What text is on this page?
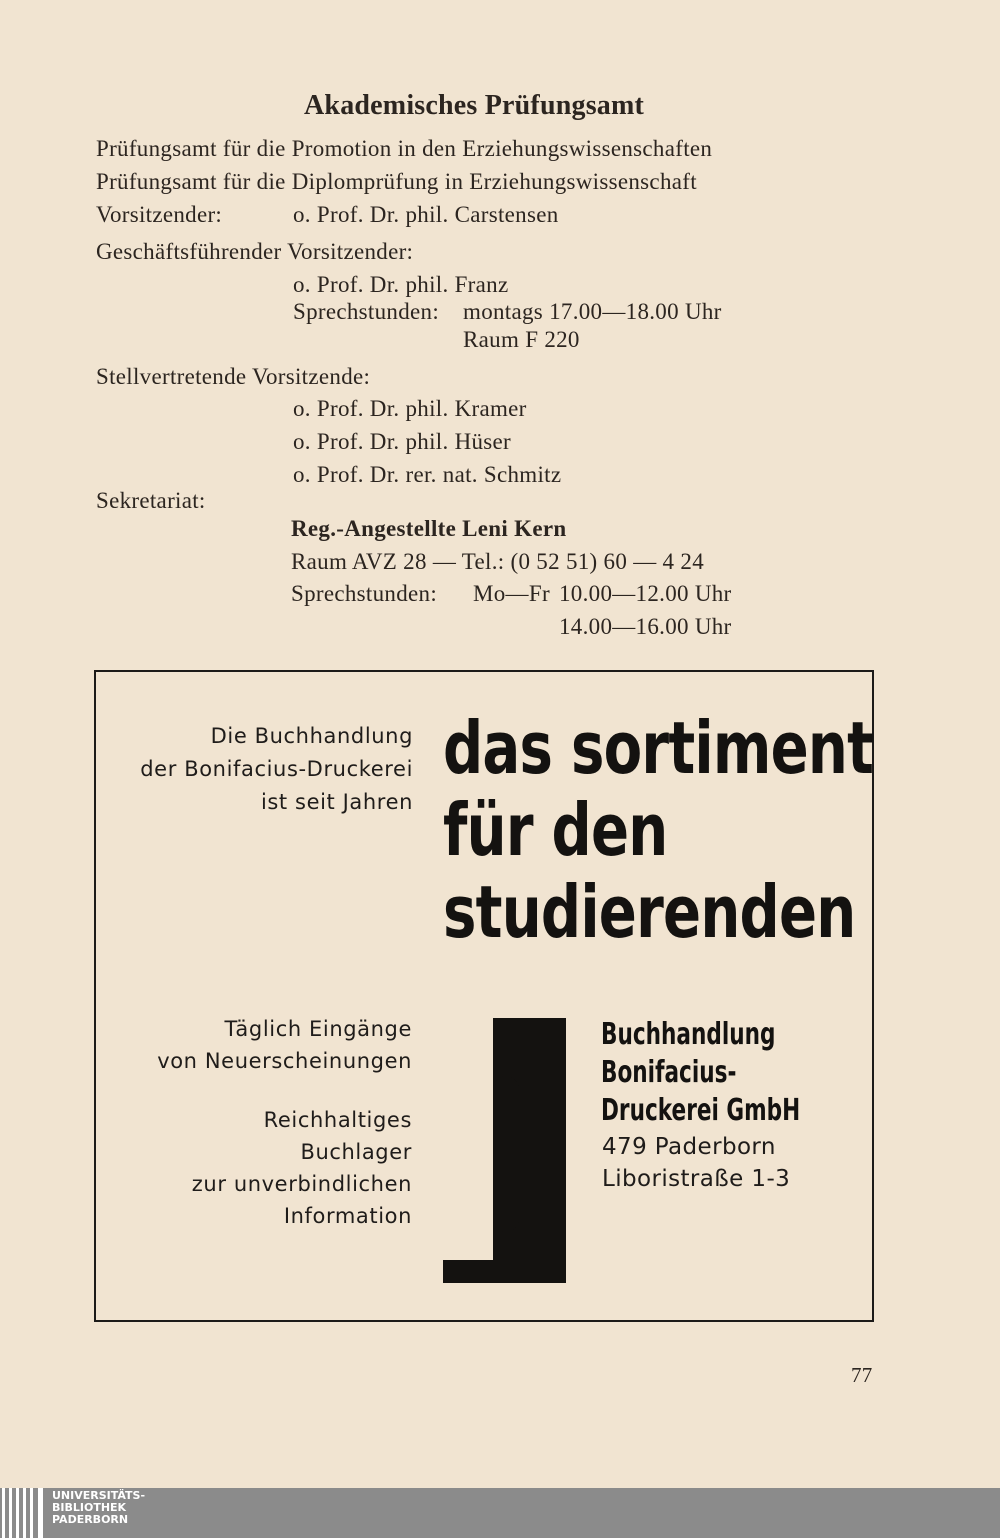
Akademisches Prüfungsamt
Prüfungsamt für die Promotion in den Erziehungswissenschaften
Prüfungsamt für die Diplomprüfung in Erziehungswissenschaft
Vorsitzender:	o. Prof. Dr. phil. Carstensen
Geschäftsführender Vorsitzender:
o. Prof. Dr. phil. Franz
Sprechstunden: montags 17.00—18.00 Uhr
Raum F 220
Stellvertretende Vorsitzende:
o. Prof. Dr. phil. Kramer
o. Prof. Dr. phil. Hüser
o. Prof. Dr. rer. nat. Schmitz
Sekretariat:
Reg.-Angestellte Leni Kern
Raum AVZ 28 — Tel.: (0 52 51) 60 — 4 24
Sprechstunden: Mo—Fr 10.00—12.00 Uhr
14.00—16.00 Uhr
Die Buchhandlung
der Bonifacius-Druckerei
ist seit Jahren
das sortiment
für den
studierenden
Täglich Eingänge
von Neuerscheinungen
Reichhaltiges
Buchlager
zur unverbindlichen
Information
Buchhandlung
Bonifacius-
Druckerei GmbH
479 Paderborn
Liboristraße 1-3
77
UNIVERSITÄTS-
BIBLIOTHEK
PADERBORN
